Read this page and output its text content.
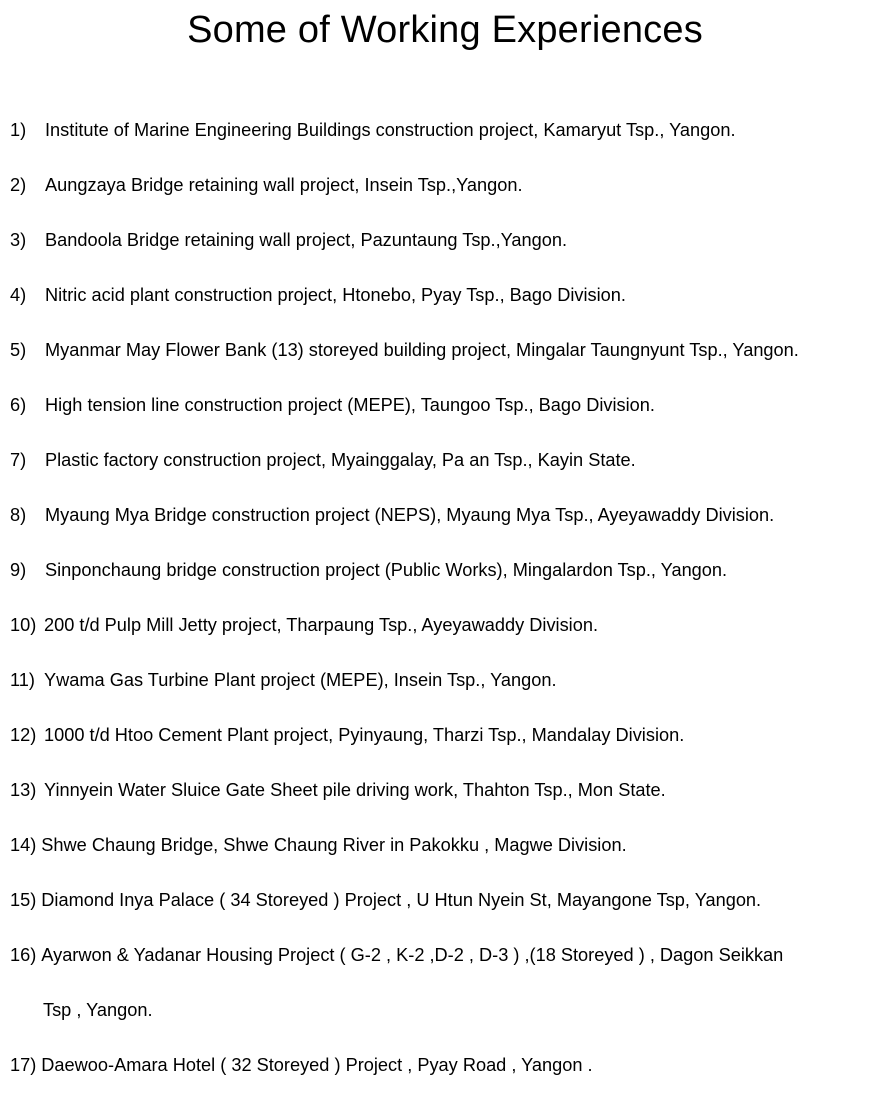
Some of Working Experiences
1) Institute of Marine Engineering Buildings construction project, Kamaryut Tsp., Yangon.
2) Aungzaya Bridge retaining wall project, Insein Tsp.,Yangon.
3) Bandoola Bridge retaining wall project, Pazuntaung Tsp.,Yangon.
4) Nitric acid plant construction project, Htonebo, Pyay Tsp., Bago Division.
5) Myanmar May Flower Bank (13) storeyed building project, Mingalar Taungnyunt Tsp., Yangon.
6) High tension line construction project (MEPE), Taungoo Tsp., Bago Division.
7) Plastic factory construction project, Myainggalay, Pa an Tsp., Kayin State.
8) Myaung Mya Bridge construction project (NEPS), Myaung Mya Tsp., Ayeyawaddy Division.
9) Sinponchaung bridge construction project (Public Works), Mingalardon Tsp., Yangon.
10) 200 t/d Pulp Mill Jetty project, Tharpaung Tsp., Ayeyawaddy Division.
11) Ywama Gas Turbine Plant project (MEPE), Insein Tsp., Yangon.
12) 1000 t/d Htoo Cement Plant project, Pyinyaung, Tharzi Tsp., Mandalay Division.
13) Yinnyein Water Sluice Gate Sheet pile driving work, Thahton Tsp., Mon State.
14) Shwe Chaung Bridge, Shwe Chaung River in Pakokku , Magwe Division.
15) Diamond Inya Palace ( 34 Storeyed ) Project , U Htun Nyein St, Mayangone Tsp, Yangon.
16) Ayarwon & Yadanar Housing Project ( G-2 , K-2 ,D-2 , D-3 ) ,(18 Storeyed ) , Dagon Seikkan
Tsp , Yangon.
17) Daewoo-Amara Hotel ( 32 Storeyed ) Project , Pyay Road , Yangon .
